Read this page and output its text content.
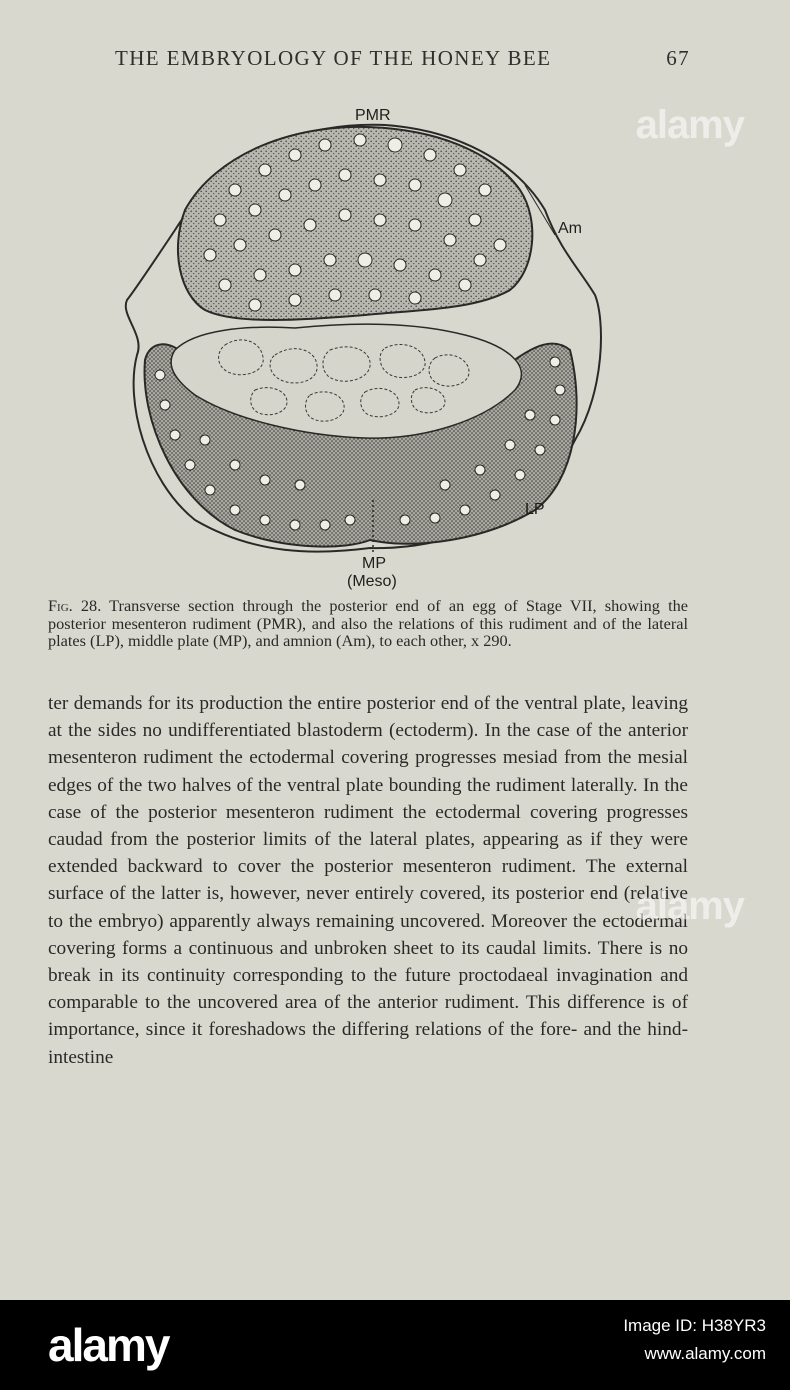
THE EMBRYOLOGY OF THE HONEY BEE	67
PMR
Am
LP
MP
(Meso)
Fig. 28. Transverse section through the posterior end of an egg of Stage VII, showing the posterior mesenteron rudiment (PMR), and also the relations of this rudiment and of the lateral plates (LP), middle plate (MP), and amnion (Am), to each other, x 290.

ter demands for its production the entire posterior end of the ventral plate, leaving at the sides no undifferentiated blastoderm (ectoderm). In the case of the anterior mesenteron rudiment the ectodermal covering progresses mesiad from the mesial edges of the two halves of the ventral plate bounding the rudiment laterally. In the case of the posterior mesenteron rudiment the ectodermal covering progresses caudad from the posterior limits of the lateral plates, appearing as if they were extended backward to cover the posterior mesenteron rudiment. The external surface of the latter is, however, never entirely covered, its posterior end (relative to the embryo) apparently always remaining uncovered. Moreover the ectodermal covering forms a continuous and unbroken sheet to its caudal limits. There is no break in its continuity corresponding to the future proctodaeal invagination and comparable to the uncovered area of the anterior rudiment. This difference is of importance, since it foreshadows the differing relations of the fore- and the hind-intestine

alamy
alamy
alamy	Image ID: H38YR3
www.alamy.com
